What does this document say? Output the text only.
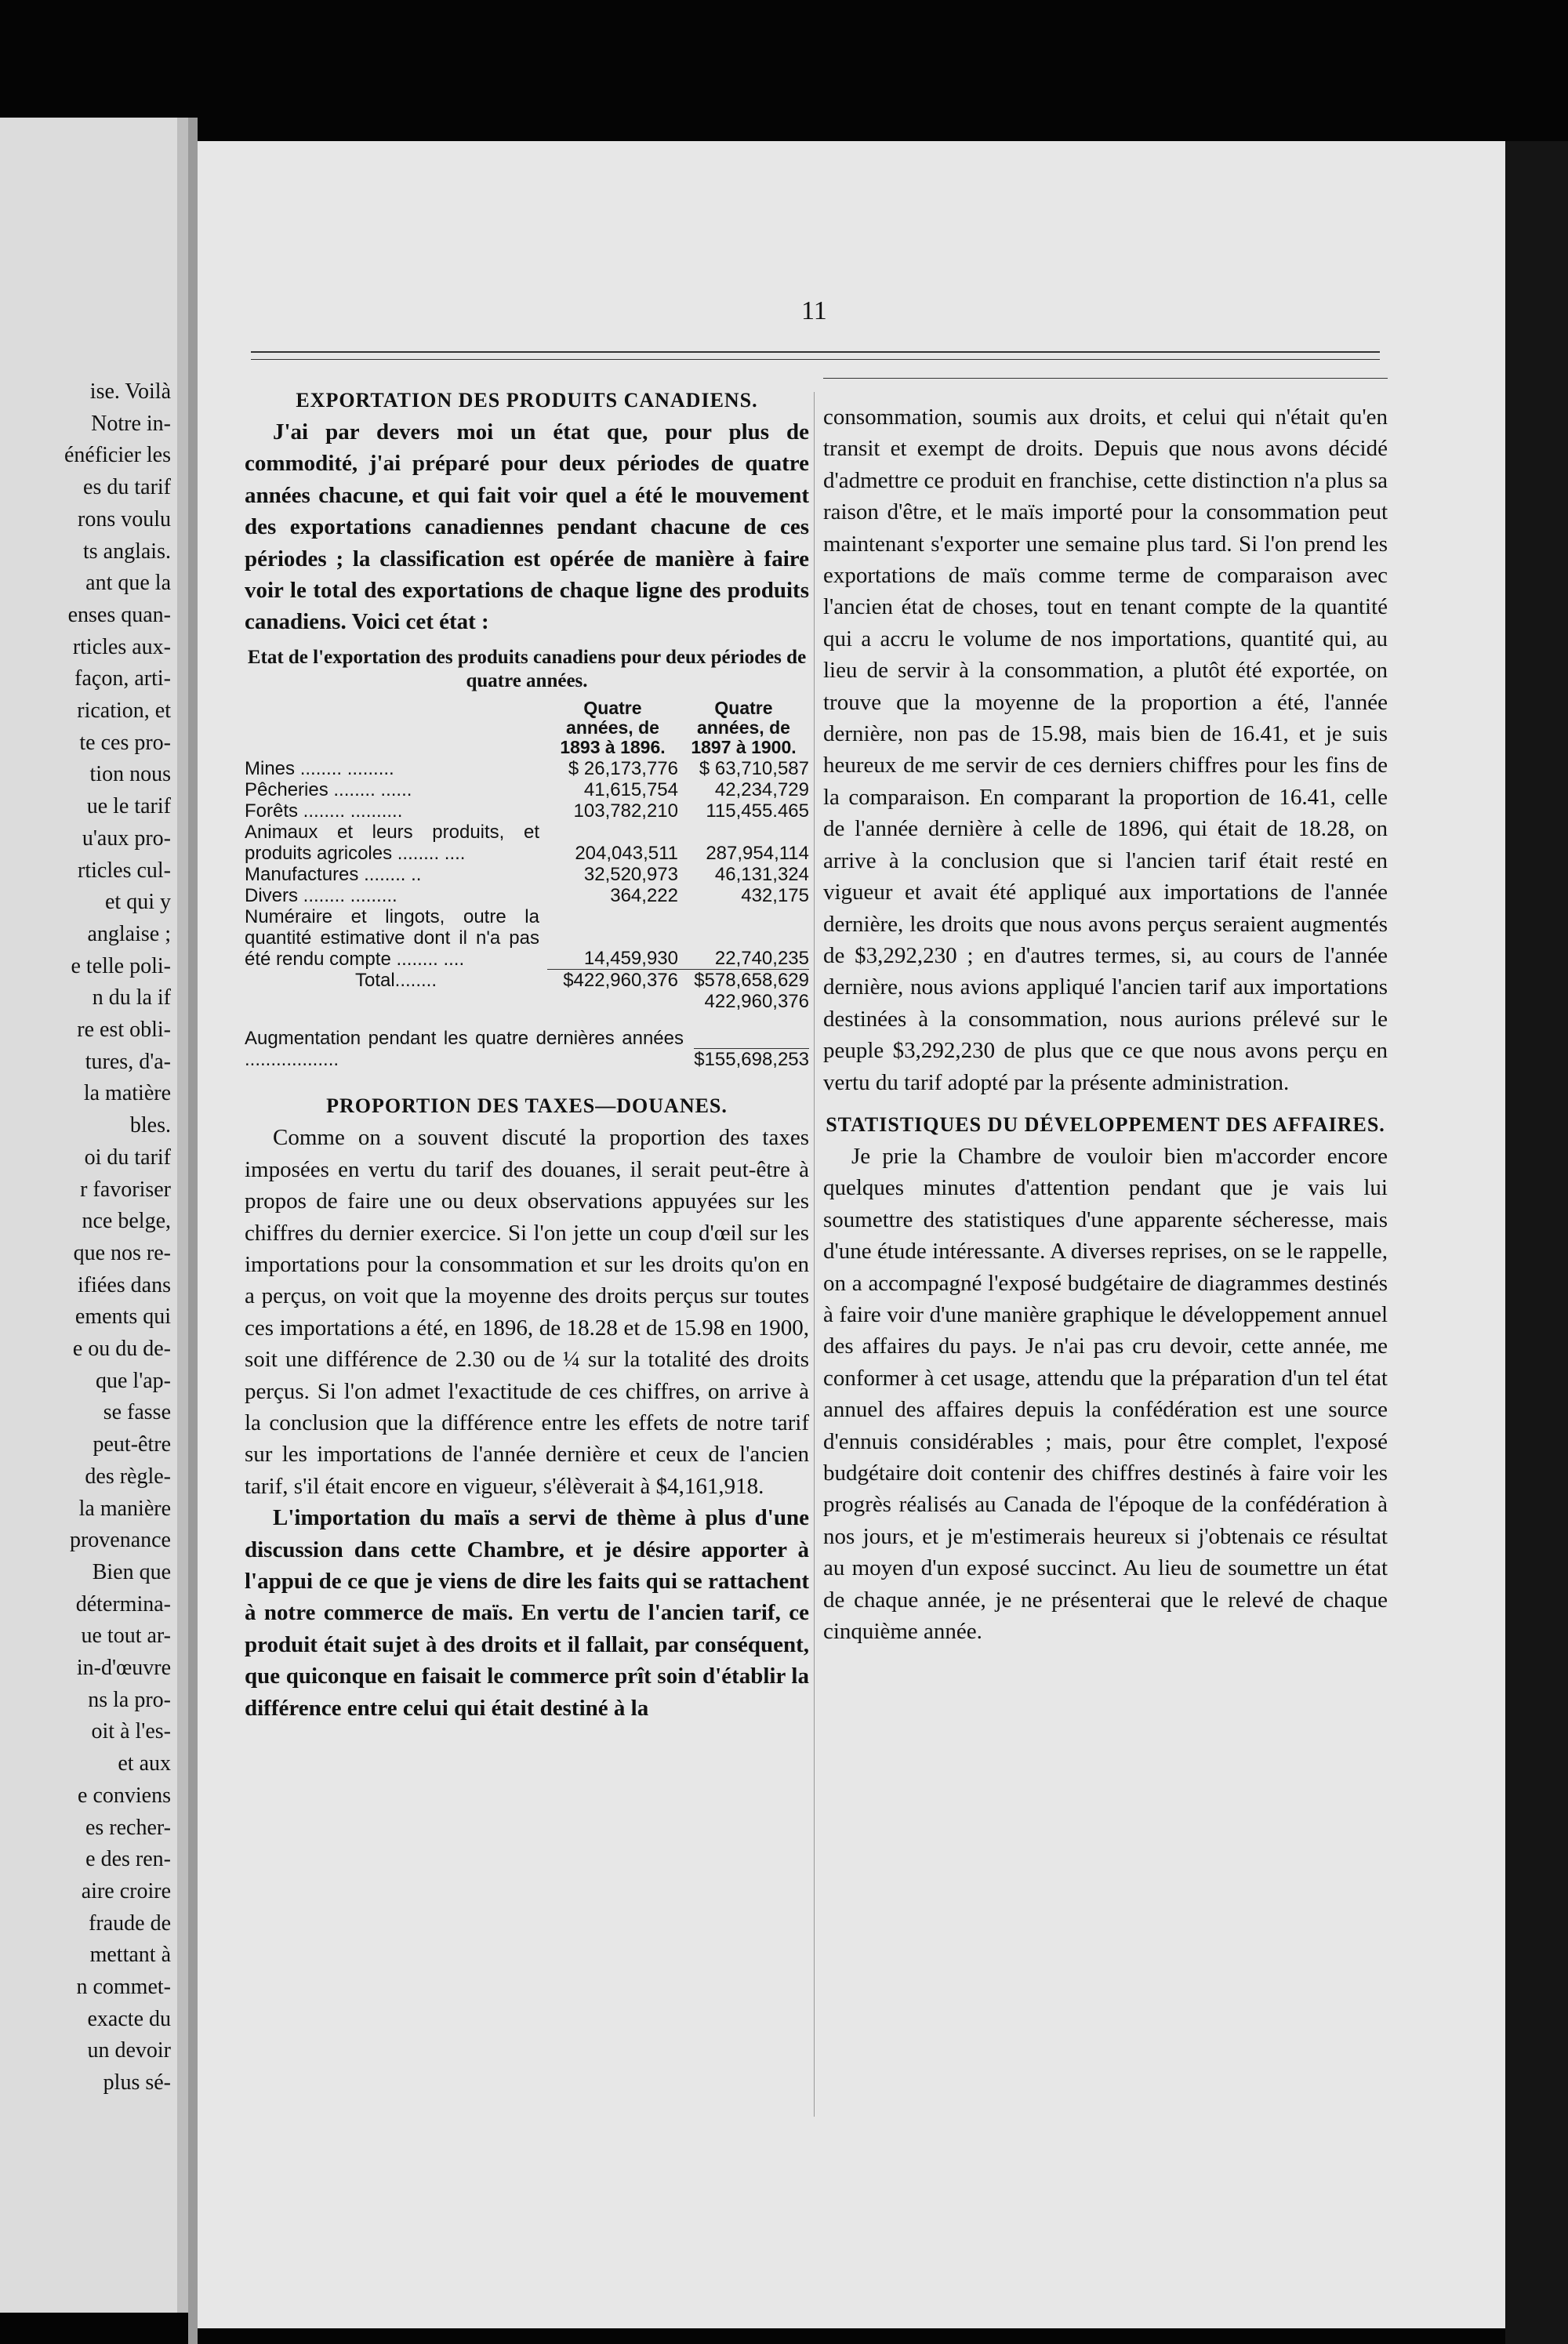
ise. Voilà
Notre in-
énéficier les
es du tarif
rons voulu
ts anglais.
ant que la
enses quan-
rticles aux-
façon, arti-
rication, et
te ces pro-
tion nous
ue le tarif
u'aux pro-
rticles cul-
et qui y
anglaise ;
e telle poli-
n du la if
re est obli-
tures, d'a-
la matière
bles.
oi du tarif
r favoriser
nce belge,
que nos re-
ifiées dans
ements qui
e ou du de-
que l'ap-
se fasse
peut-être
des règle-
la manière
provenance
Bien que
détermina-
ue tout ar-
in-d'œuvre
ns la pro-
oit à l'es-
et aux
e conviens
es recher-
e des ren-
aire croire
fraude de
mettant à
n commet-
exacte du
un devoir
plus sé-
11
EXPORTATION DES PRODUITS CANADIENS.

J'ai par devers moi un état que, pour plus de commodité, j'ai préparé pour deux périodes de quatre années chacune, et qui fait voir quel a été le mouvement des exportations canadiennes pendant chacune de ces périodes ; la classification est opérée de manière à faire voir le total des exportations de chaque ligne des produits canadiens. Voici cet état :

Etat de l'exportation des produits canadiens pour deux périodes de quatre années.
	Quatre années, de 1893 à 1896.	Quatre années, de 1897 à 1900.
Mines ........ .........	$ 26,173,776	$ 63,710,587
Pêcheries ........ ......	41,615,754	42,234,729
Forêts ........ ..........	103,782,210	115,455.465
Animaux et leurs produits, et produits agricoles ........ ....	204,043,511	287,954,114
Manufactures ........ ..	32,520,973	46,131,324
Divers ........ .........	364,222	432,175
Numéraire et lingots, outre la quantité estimative dont il n'a pas été rendu compte ........ ....	14,459,930	22,740,235
Total........	$422,960,376	$578,658,629
		422,960,376
Augmentation pendant les quatre dernières années ..................	$155,698,253
PROPORTION DES TAXES—DOUANES.

Comme on a souvent discuté la proportion des taxes imposées en vertu du tarif des douanes, il serait peut-être à propos de faire une ou deux observations appuyées sur les chiffres du dernier exercice. Si l'on jette un coup d'œil sur les importations pour la consommation et sur les droits qu'on en a perçus, on voit que la moyenne des droits perçus sur toutes ces importations a été, en 1896, de 18.28 et de 15.98 en 1900, soit une différence de 2.30 ou de ¼ sur la totalité des droits perçus. Si l'on admet l'exactitude de ces chiffres, on arrive à la conclusion que la différence entre les effets de notre tarif sur les importations de l'année dernière et ceux de l'ancien tarif, s'il était encore en vigueur, s'élèverait à $4,161,918.

L'importation du maïs a servi de thème à plus d'une discussion dans cette Chambre, et je désire apporter à l'appui de ce que je viens de dire les faits qui se rattachent à notre commerce de maïs. En vertu de l'ancien tarif, ce produit était sujet à des droits et il fallait, par conséquent, que quiconque en faisait le commerce prît soin d'établir la différence entre celui qui était destiné à la

consommation, soumis aux droits, et celui qui n'était qu'en transit et exempt de droits. Depuis que nous avons décidé d'admettre ce produit en franchise, cette distinction n'a plus sa raison d'être, et le maïs importé pour la consommation peut maintenant s'exporter une semaine plus tard. Si l'on prend les exportations de maïs comme terme de comparaison avec l'ancien état de choses, tout en tenant compte de la quantité qui a accru le volume de nos importations, quantité qui, au lieu de servir à la consommation, a plutôt été exportée, on trouve que la moyenne de la proportion a été, l'année dernière, non pas de 15.98, mais bien de 16.41, et je suis heureux de me servir de ces derniers chiffres pour les fins de la comparaison. En comparant la proportion de 16.41, celle de l'année dernière à celle de 1896, qui était de 18.28, on arrive à la conclusion que si l'ancien tarif était resté en vigueur et avait été appliqué aux importations de l'année dernière, les droits que nous avons perçus seraient augmentés de $3,292,230 ; en d'autres termes, si, au cours de l'année dernière, nous avions appliqué l'ancien tarif aux importations destinées à la consommation, nous aurions prélevé sur le peuple $3,292,230 de plus que ce que nous avons perçu en vertu du tarif adopté par la présente administration.

STATISTIQUES DU DÉVELOPPEMENT DES AFFAIRES.

Je prie la Chambre de vouloir bien m'accorder encore quelques minutes d'attention pendant que je vais lui soumettre des statistiques d'une apparente sécheresse, mais d'une étude intéressante. A diverses reprises, on se le rappelle, on a accompagné l'exposé budgétaire de diagrammes destinés à faire voir d'une manière graphique le développement annuel des affaires du pays. Je n'ai pas cru devoir, cette année, me conformer à cet usage, attendu que la préparation d'un tel état annuel des affaires depuis la confédération est une source d'ennuis considérables ; mais, pour être complet, l'exposé budgétaire doit contenir des chiffres destinés à faire voir les progrès réalisés au Canada de l'époque de la confédération à nos jours, et je m'estimerais heureux si j'obtenais ce résultat au moyen d'un exposé succinct. Au lieu de soumettre un état de chaque année, je ne présenterai que le relevé de chaque cinquième année.
